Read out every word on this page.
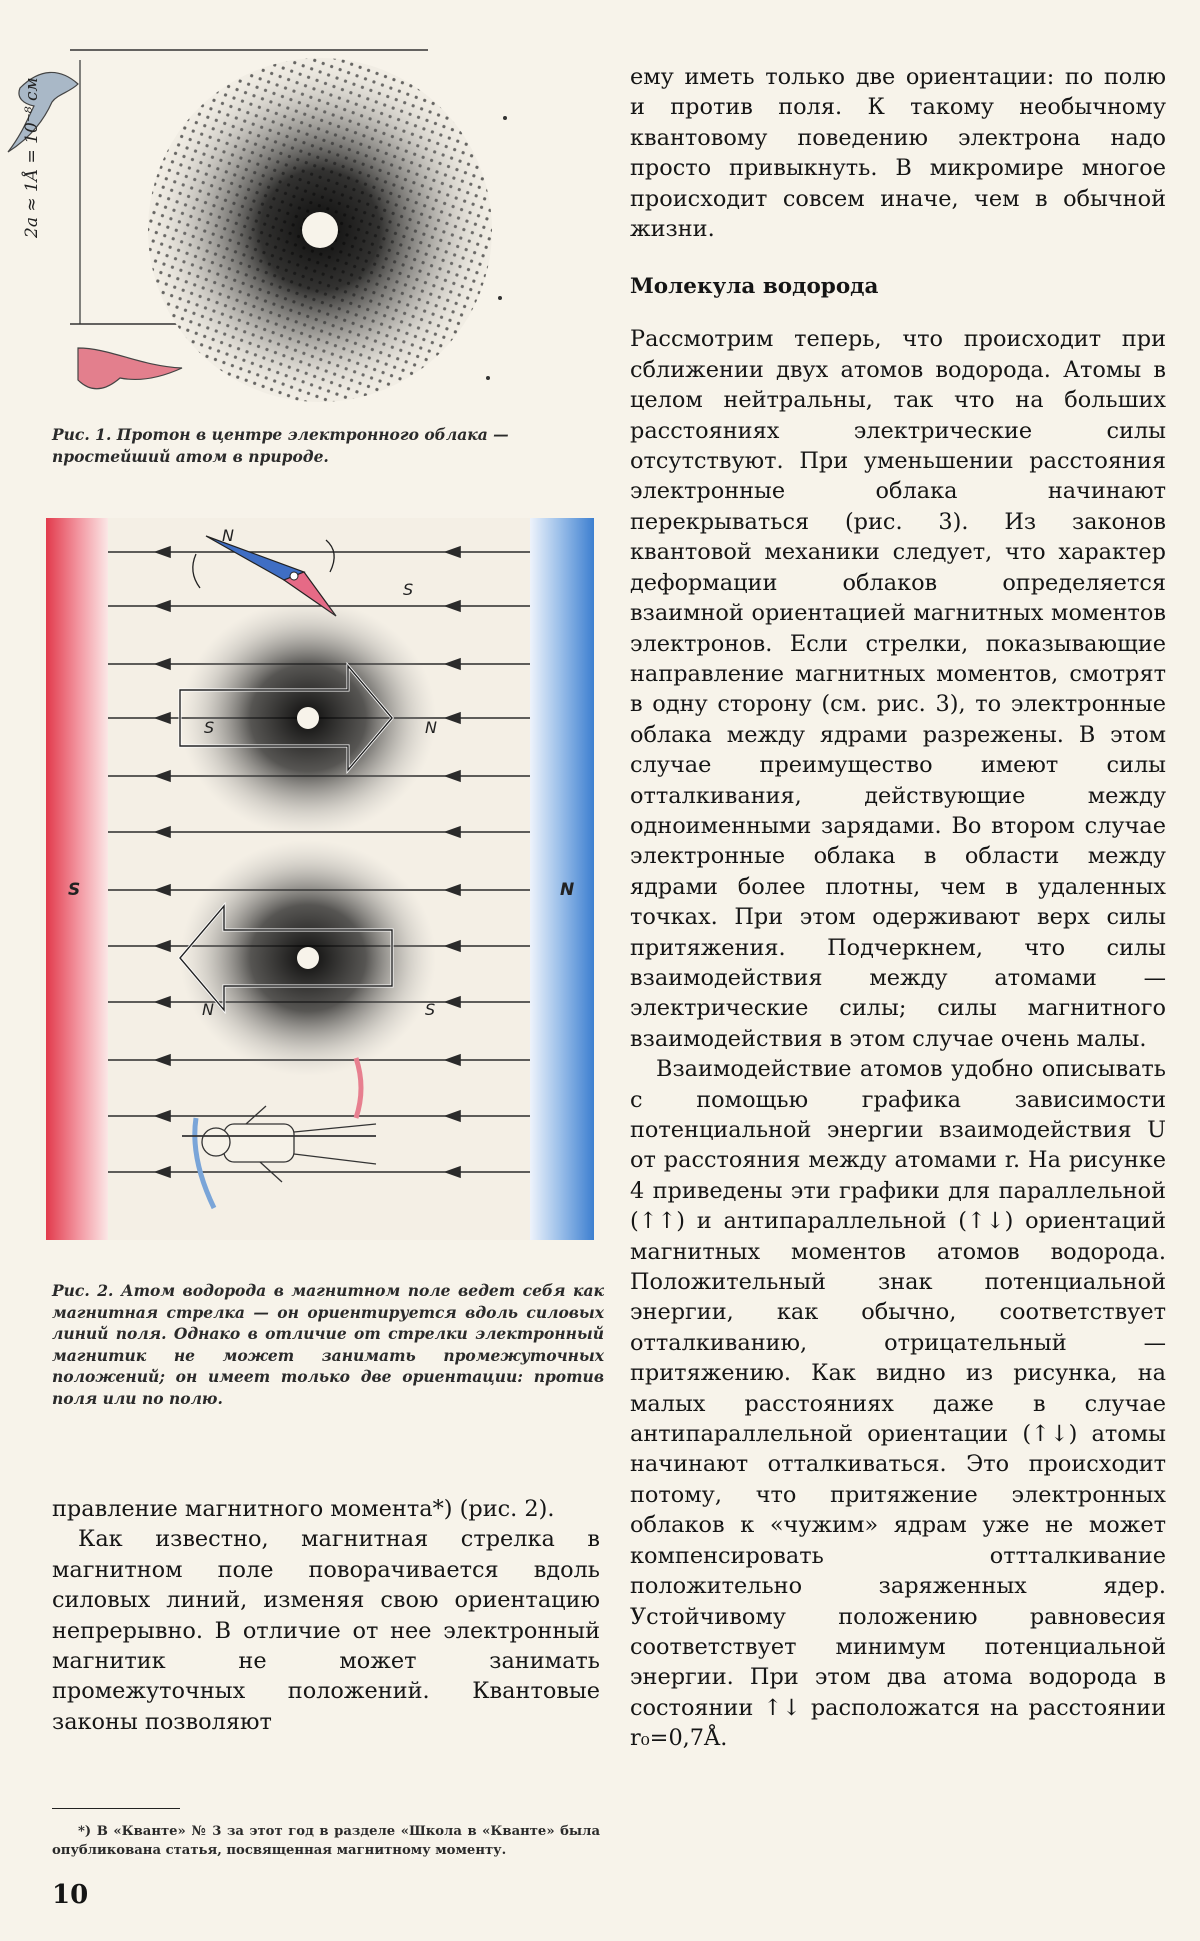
2a ≈ 1Å = 10⁻⁸ см

Рис. 1. Протон в центре электронного облака — простейший атом в природе.

S	N
N
S
S	N
N	S

Рис. 2. Атом водорода в магнитном поле ведет себя как магнитная стрелка — он ориентируется вдоль силовых линий поля. Однако в отличие от стрелки электронный магнитик не может занимать промежуточных положений; он имеет только две ориентации: против поля или по полю.

правление магнитного момента*) (рис. 2).

Как известно, магнитная стрелка в магнитном поле поворачивается вдоль силовых линий, изменяя свою ориентацию непрерывно. В отличие от нее электронный магнитик не может занимать промежуточных положений. Квантовые законы позволяют

*) В «Кванте» № 3 за этот год в разделе «Школа в «Кванте» была опубликована статья, посвященная магнитному моменту.

10

ему иметь только две ориентации: по полю и против поля. К такому необычному квантовому поведению электрона надо просто привыкнуть. В микромире многое происходит совсем иначе, чем в обычной жизни.

Молекула водорода

Рассмотрим теперь, что происходит при сближении двух атомов водорода. Атомы в целом нейтральны, так что на больших расстояниях электрические силы отсутствуют. При уменьшении расстояния электронные облака начинают перекрываться (рис. 3). Из законов квантовой механики следует, что характер деформации облаков определяется взаимной ориентацией магнитных моментов электронов. Если стрелки, показывающие направление магнитных моментов, смотрят в одну сторону (см. рис. 3), то электронные облака между ядрами разрежены. В этом случае преимущество имеют силы отталкивания, действующие между одноименными зарядами. Во втором случае электронные облака в области между ядрами более плотны, чем в удаленных точках. При этом одерживают верх силы притяжения. Подчеркнем, что силы взаимодействия между атомами — электрические силы; силы магнитного взаимодействия в этом случае очень малы.

Взаимодействие атомов удобно описывать с помощью графика зависимости потенциальной энергии взаимодействия U от расстояния между атомами r. На рисунке 4 приведены эти графики для параллельной (↑↑) и антипараллельной (↑↓) ориентаций магнитных моментов атомов водорода. Положительный знак потенциальной энергии, как обычно, соответствует отталкиванию, отрицательный — притяжению. Как видно из рисунка, на малых расстояниях даже в случае антипараллельной ориентации (↑↓) атомы начинают отталкиваться. Это происходит потому, что притяжение электронных облаков к «чужим» ядрам уже не может компенсировать оттталкивание положительно заряженных ядер. Устойчивому положению равновесия соответствует минимум потенциальной энергии. При этом два атома водорода в состоянии ↑↓ расположатся на расстоянии r₀=0,7Å.
